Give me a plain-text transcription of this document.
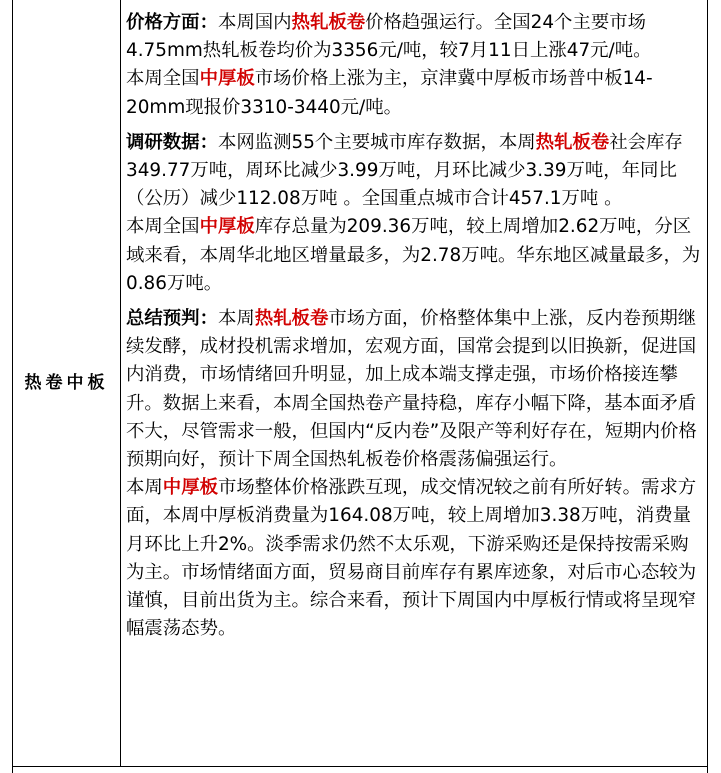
热卷中板

价格方面：本周国内热轧板卷价格趋强运行。全国24个主要市场4.75mm热轧板卷均价为3356元/吨，较7月11日上涨47元/吨。

本周全国中厚板市场价格上涨为主，京津冀中厚板市场普中板14-20mm现报价3310-3440元/吨。

调研数据：本网监测55个主要城市库存数据，本周热轧板卷社会库存349.77万吨，周环比减少3.99万吨，月环比减少3.39万吨，年同比（公历）减少112.08万吨 。全国重点城市合计457.1万吨 。

本周全国中厚板库存总量为209.36万吨，较上周增加2.62万吨，分区域来看，本周华北地区增量最多，为2.78万吨。华东地区减量最多，为0.86万吨。

总结预判：本周热轧板卷市场方面，价格整体集中上涨，反内卷预期继续发酵，成材投机需求增加，宏观方面，国常会提到以旧换新，促进国内消费，市场情绪回升明显，加上成本端支撑走强，市场价格接连攀升。数据上来看，本周全国热卷产量持稳，库存小幅下降，基本面矛盾不大，尽管需求一般，但国内“反内卷”及限产等利好存在，短期内价格预期向好，预计下周全国热轧板卷价格震荡偏强运行。

本周中厚板市场整体价格涨跌互现，成交情况较之前有所好转。需求方面，本周中厚板消费量为164.08万吨，较上周增加3.38万吨，消费量月环比上升2%。淡季需求仍然不太乐观，下游采购还是保持按需采购为主。市场情绪面方面，贸易商目前库存有累库迹象，对后市心态较为谨慎，目前出货为主。综合来看，预计下周国内中厚板行情或将呈现窄幅震荡态势。
